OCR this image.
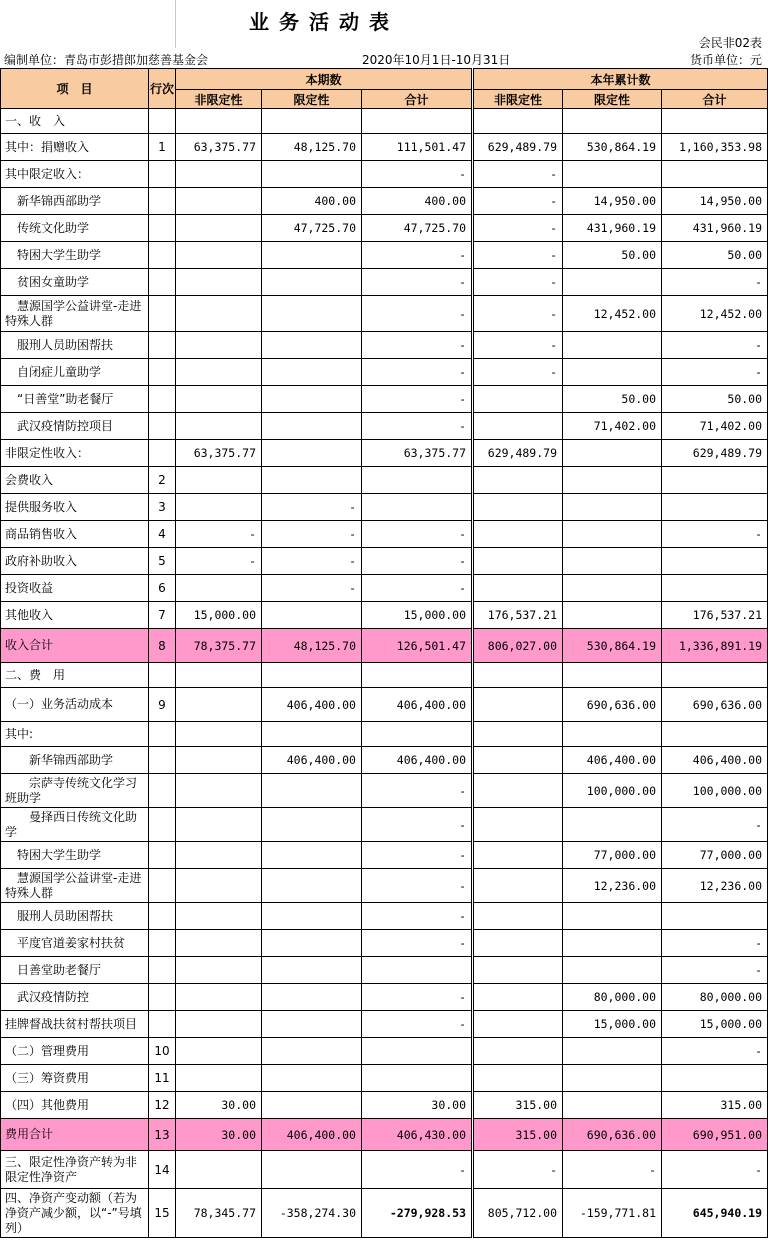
业务活动表
会民非02表
编制单位：青岛市彭措郎加慈善基金会	2020年10月1日-10月31日	货币单位：元
项　目	行次	本期数			本年累计数		
		非限定性	限定性	合计	非限定性	限定性	合计
一、收　入							
其中：捐赠收入	1	63,375.77	48,125.70	111,501.47	629,489.79	530,864.19	1,160,353.98
其中限定收入：				-	-		
　新华锦西部助学			400.00	400.00	-	14,950.00	14,950.00
　传统文化助学			47,725.70	47,725.70	-	431,960.19	431,960.19
　特困大学生助学				-	-	50.00	50.00
　贫困女童助学				-	-		-
　慧源国学公益讲堂-走进特殊人群				-	-	12,452.00	12,452.00
　服刑人员助困帮扶				-	-		-
　自闭症儿童助学				-	-		-
　“日善堂”助老餐厅				-		50.00	50.00
　武汉疫情防控项目				-		71,402.00	71,402.00
非限定性收入：		63,375.77		63,375.77	629,489.79		629,489.79
会费收入	2						
提供服务收入	3		-				
商品销售收入	4	-	-	-			-
政府补助收入	5	-	-	-			
投资收益	6		-	-			
其他收入	7	15,000.00		15,000.00	176,537.21		176,537.21
收入合计	8	78,375.77	48,125.70	126,501.47	806,027.00	530,864.19	1,336,891.19
二、费　用							
（一）业务活动成本	9		406,400.00	406,400.00		690,636.00	690,636.00
其中:							
　　新华锦西部助学			406,400.00	406,400.00		406,400.00	406,400.00
　　宗萨寺传统文化学习班助学				-		100,000.00	100,000.00
　　曼择西日传统文化助学				-			-
　特困大学生助学				-		77,000.00	77,000.00
　慧源国学公益讲堂-走进特殊人群				-		12,236.00	12,236.00
　服刑人员助困帮扶				-			
　平度官道姜家村扶贫				-			-
　日善堂助老餐厅							-
　武汉疫情防控				-		80,000.00	80,000.00
挂牌督战扶贫村帮扶项目				-		15,000.00	15,000.00
（二）管理费用	10						-
（三）筹资费用	11						
（四）其他费用	12	30.00		30.00	315.00		315.00
费用合计	13	30.00	406,400.00	406,430.00	315.00	690,636.00	690,951.00
三、限定性净资产转为非限定性净资产	14			-	-	-	-
四、净资产变动额（若为净资产减少额，以“-”号填列）	15	78,345.77	-358,274.30	-279,928.53	805,712.00	-159,771.81	645,940.19
